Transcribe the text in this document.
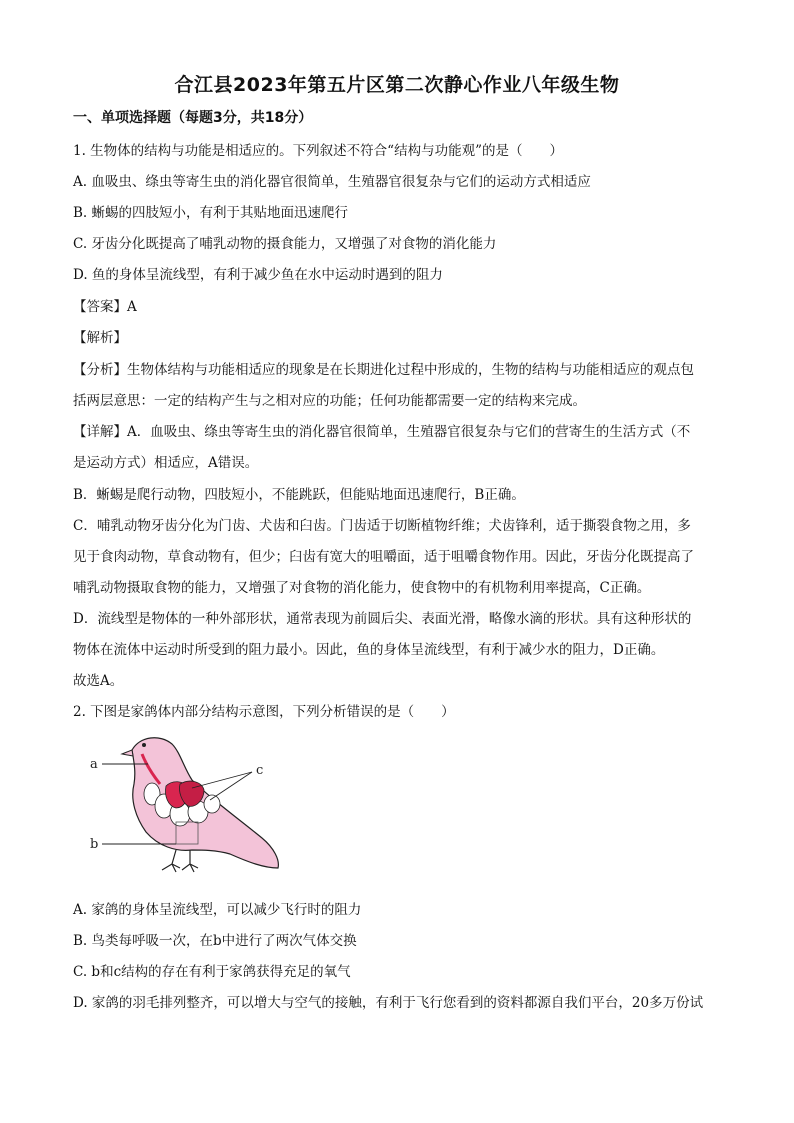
合江县2023年第五片区第二次静心作业八年级生物
一、单项选择题（每题3分，共18分）
1. 生物体的结构与功能是相适应的。下列叙述不符合“结构与功能观”的是（　　）
A. 血吸虫、绦虫等寄生虫的消化器官很简单，生殖器官很复杂与它们的运动方式相适应
B. 蜥蜴的四肢短小，有利于其贴地面迅速爬行
C. 牙齿分化既提高了哺乳动物的摄食能力，又增强了对食物的消化能力
D. 鱼的身体呈流线型，有利于减少鱼在水中运动时遇到的阻力
【答案】A
【解析】
【分析】生物体结构与功能相适应的现象是在长期进化过程中形成的，生物的结构与功能相适应的观点包
括两层意思：一定的结构产生与之相对应的功能；任何功能都需要一定的结构来完成。
【详解】A．血吸虫、绦虫等寄生虫的消化器官很简单，生殖器官很复杂与它们的营寄生的生活方式（不
是运动方式）相适应，A错误。
B．蜥蜴是爬行动物，四肢短小，不能跳跃，但能贴地面迅速爬行，B正确。
C．哺乳动物牙齿分化为门齿、犬齿和臼齿。门齿适于切断植物纤维；犬齿锋利，适于撕裂食物之用，多
见于食肉动物，草食动物有，但少；臼齿有宽大的咀嚼面，适于咀嚼食物作用。因此，牙齿分化既提高了
哺乳动物摄取食物的能力，又增强了对食物的消化能力，使食物中的有机物利用率提高，C正确。
D．流线型是物体的一种外部形状，通常表现为前圆后尖、表面光滑，略像水滴的形状。具有这种形状的
物体在流体中运动时所受到的阻力最小。因此，鱼的身体呈流线型，有利于减少水的阻力，D正确。
故选A。
2. 下图是家鸽体内部分结构示意图，下列分析错误的是（　　）
a
b
c
A. 家鸽的身体呈流线型，可以减少飞行时的阻力
B. 鸟类每呼吸一次，在b中进行了两次气体交换
C. b和c结构的存在有利于家鸽获得充足的氧气
D. 家鸽的羽毛排列整齐，可以增大与空气的接触，有利于飞行您看到的资料都源自我们平台，20多万份试
